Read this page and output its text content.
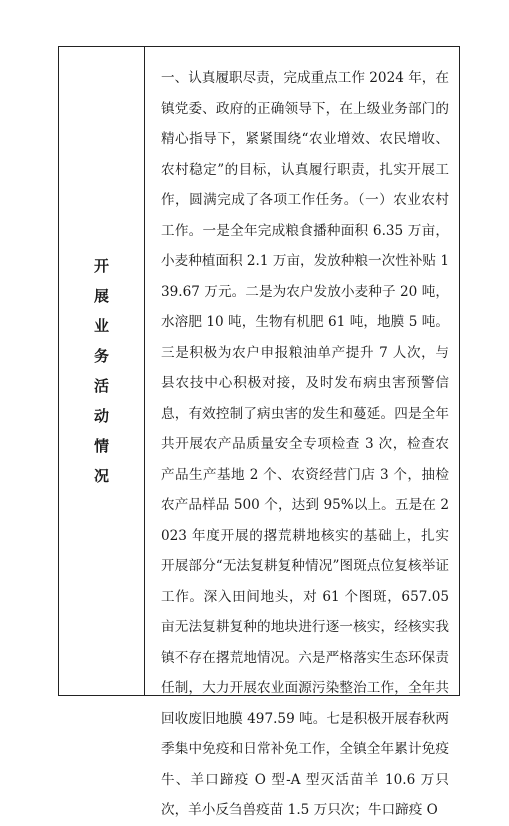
开
展
业
务
活
动
情
况

一、认真履职尽责，完成重点工作 2024 年，在镇党委、政府的正确领导下，在上级业务部门的精心指导下，紧紧围绕“农业增效、农民增收、农村稳定”的目标，认真履行职责，扎实开展工作，圆满完成了各项工作任务。（一）农业农村工作。一是全年完成粮食播种面积 6.35 万亩，小麦种植面积 2.1 万亩，发放种粮一次性补贴 139.67 万元。二是为农户发放小麦种子 20 吨，水溶肥 10 吨，生物有机肥 61 吨，地膜 5 吨。三是积极为农户申报粮油单产提升 7 人次，与县农技中心积极对接，及时发布病虫害预警信息，有效控制了病虫害的发生和蔓延。四是全年共开展农产品质量安全专项检查 3 次，检查农产品生产基地 2 个、农资经营门店 3 个，抽检农产品样品 500 个，达到 95%以上。五是在 2023 年度开展的撂荒耕地核实的基础上，扎实开展部分“无法复耕复种情况”图斑点位复核举证工作。深入田间地头，对 61 个图斑，657.05 亩无法复耕复种的地块进行逐一核实，经核实我镇不存在撂荒地情况。六是严格落实生态环保责任制，大力开展农业面源污染整治工作，全年共回收废旧地膜 497.59 吨。七是积极开展春秋两季集中免疫和日常补免工作，全镇全年累计免疫牛、羊口蹄疫 O 型-A 型灭活苗羊 10.6 万只次，羊小反刍兽疫苗 1.5 万只次；牛口蹄疫 O
